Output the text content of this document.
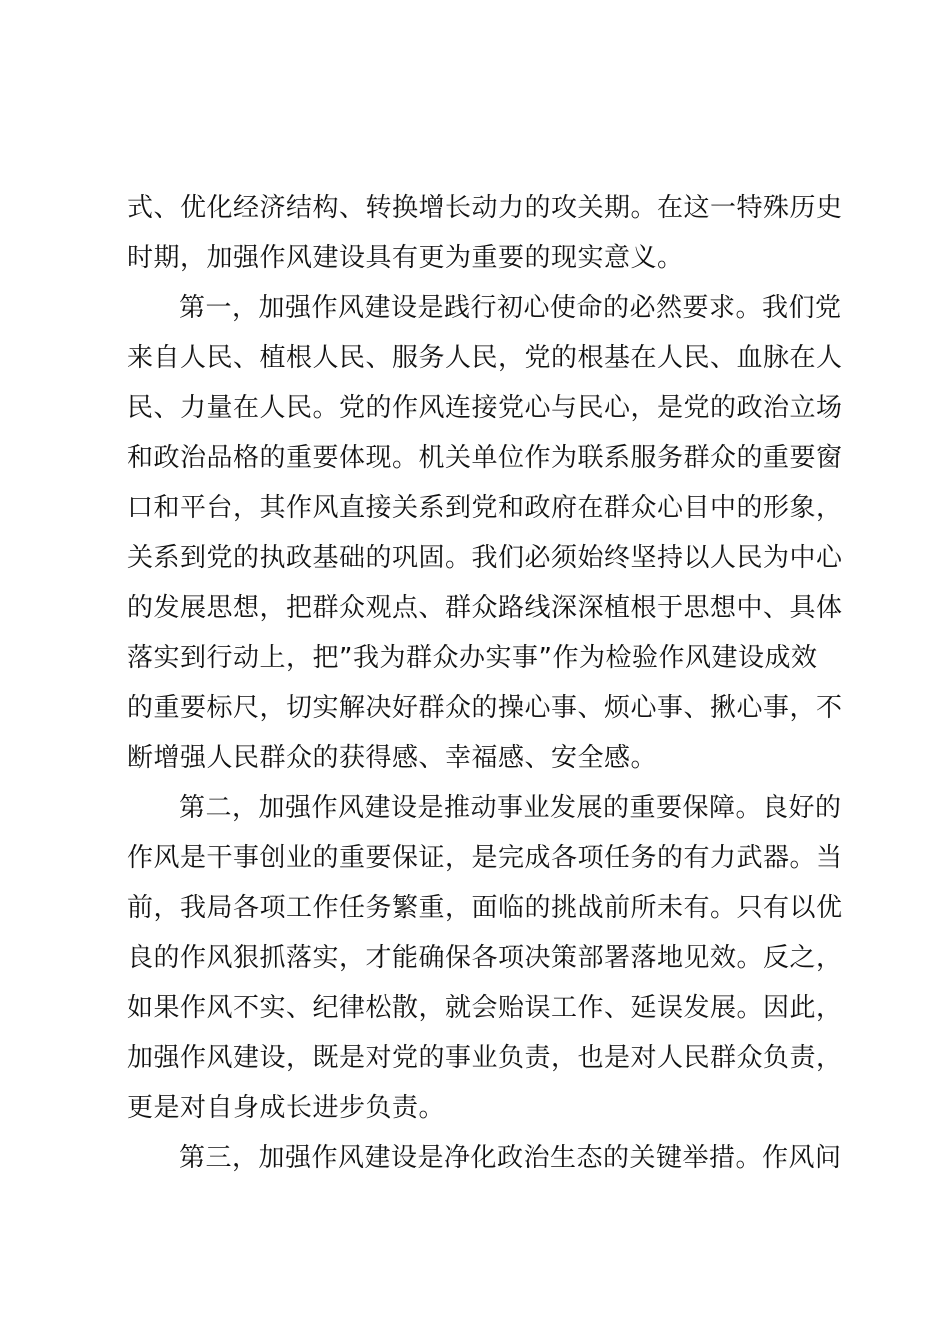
式、优化经济结构、转换增长动力的攻关期。在这一特殊历史
时期，加强作风建设具有更为重要的现实意义。
第一，加强作风建设是践行初心使命的必然要求。我们党
来自人民、植根人民、服务人民，党的根基在人民、血脉在人
民、力量在人民。党的作风连接党心与民心，是党的政治立场
和政治品格的重要体现。机关单位作为联系服务群众的重要窗
口和平台，其作风直接关系到党和政府在群众心目中的形象，
关系到党的执政基础的巩固。我们必须始终坚持以人民为中心
的发展思想，把群众观点、群众路线深深植根于思想中、具体
落实到行动上，把”我为群众办实事”作为检验作风建设成效
的重要标尺，切实解决好群众的操心事、烦心事、揪心事，不
断增强人民群众的获得感、幸福感、安全感。
第二，加强作风建设是推动事业发展的重要保障。良好的
作风是干事创业的重要保证，是完成各项任务的有力武器。当
前，我局各项工作任务繁重，面临的挑战前所未有。只有以优
良的作风狠抓落实，才能确保各项决策部署落地见效。反之，
如果作风不实、纪律松散，就会贻误工作、延误发展。因此，
加强作风建设，既是对党的事业负责，也是对人民群众负责，
更是对自身成长进步负责。
第三，加强作风建设是净化政治生态的关键举措。作风问
